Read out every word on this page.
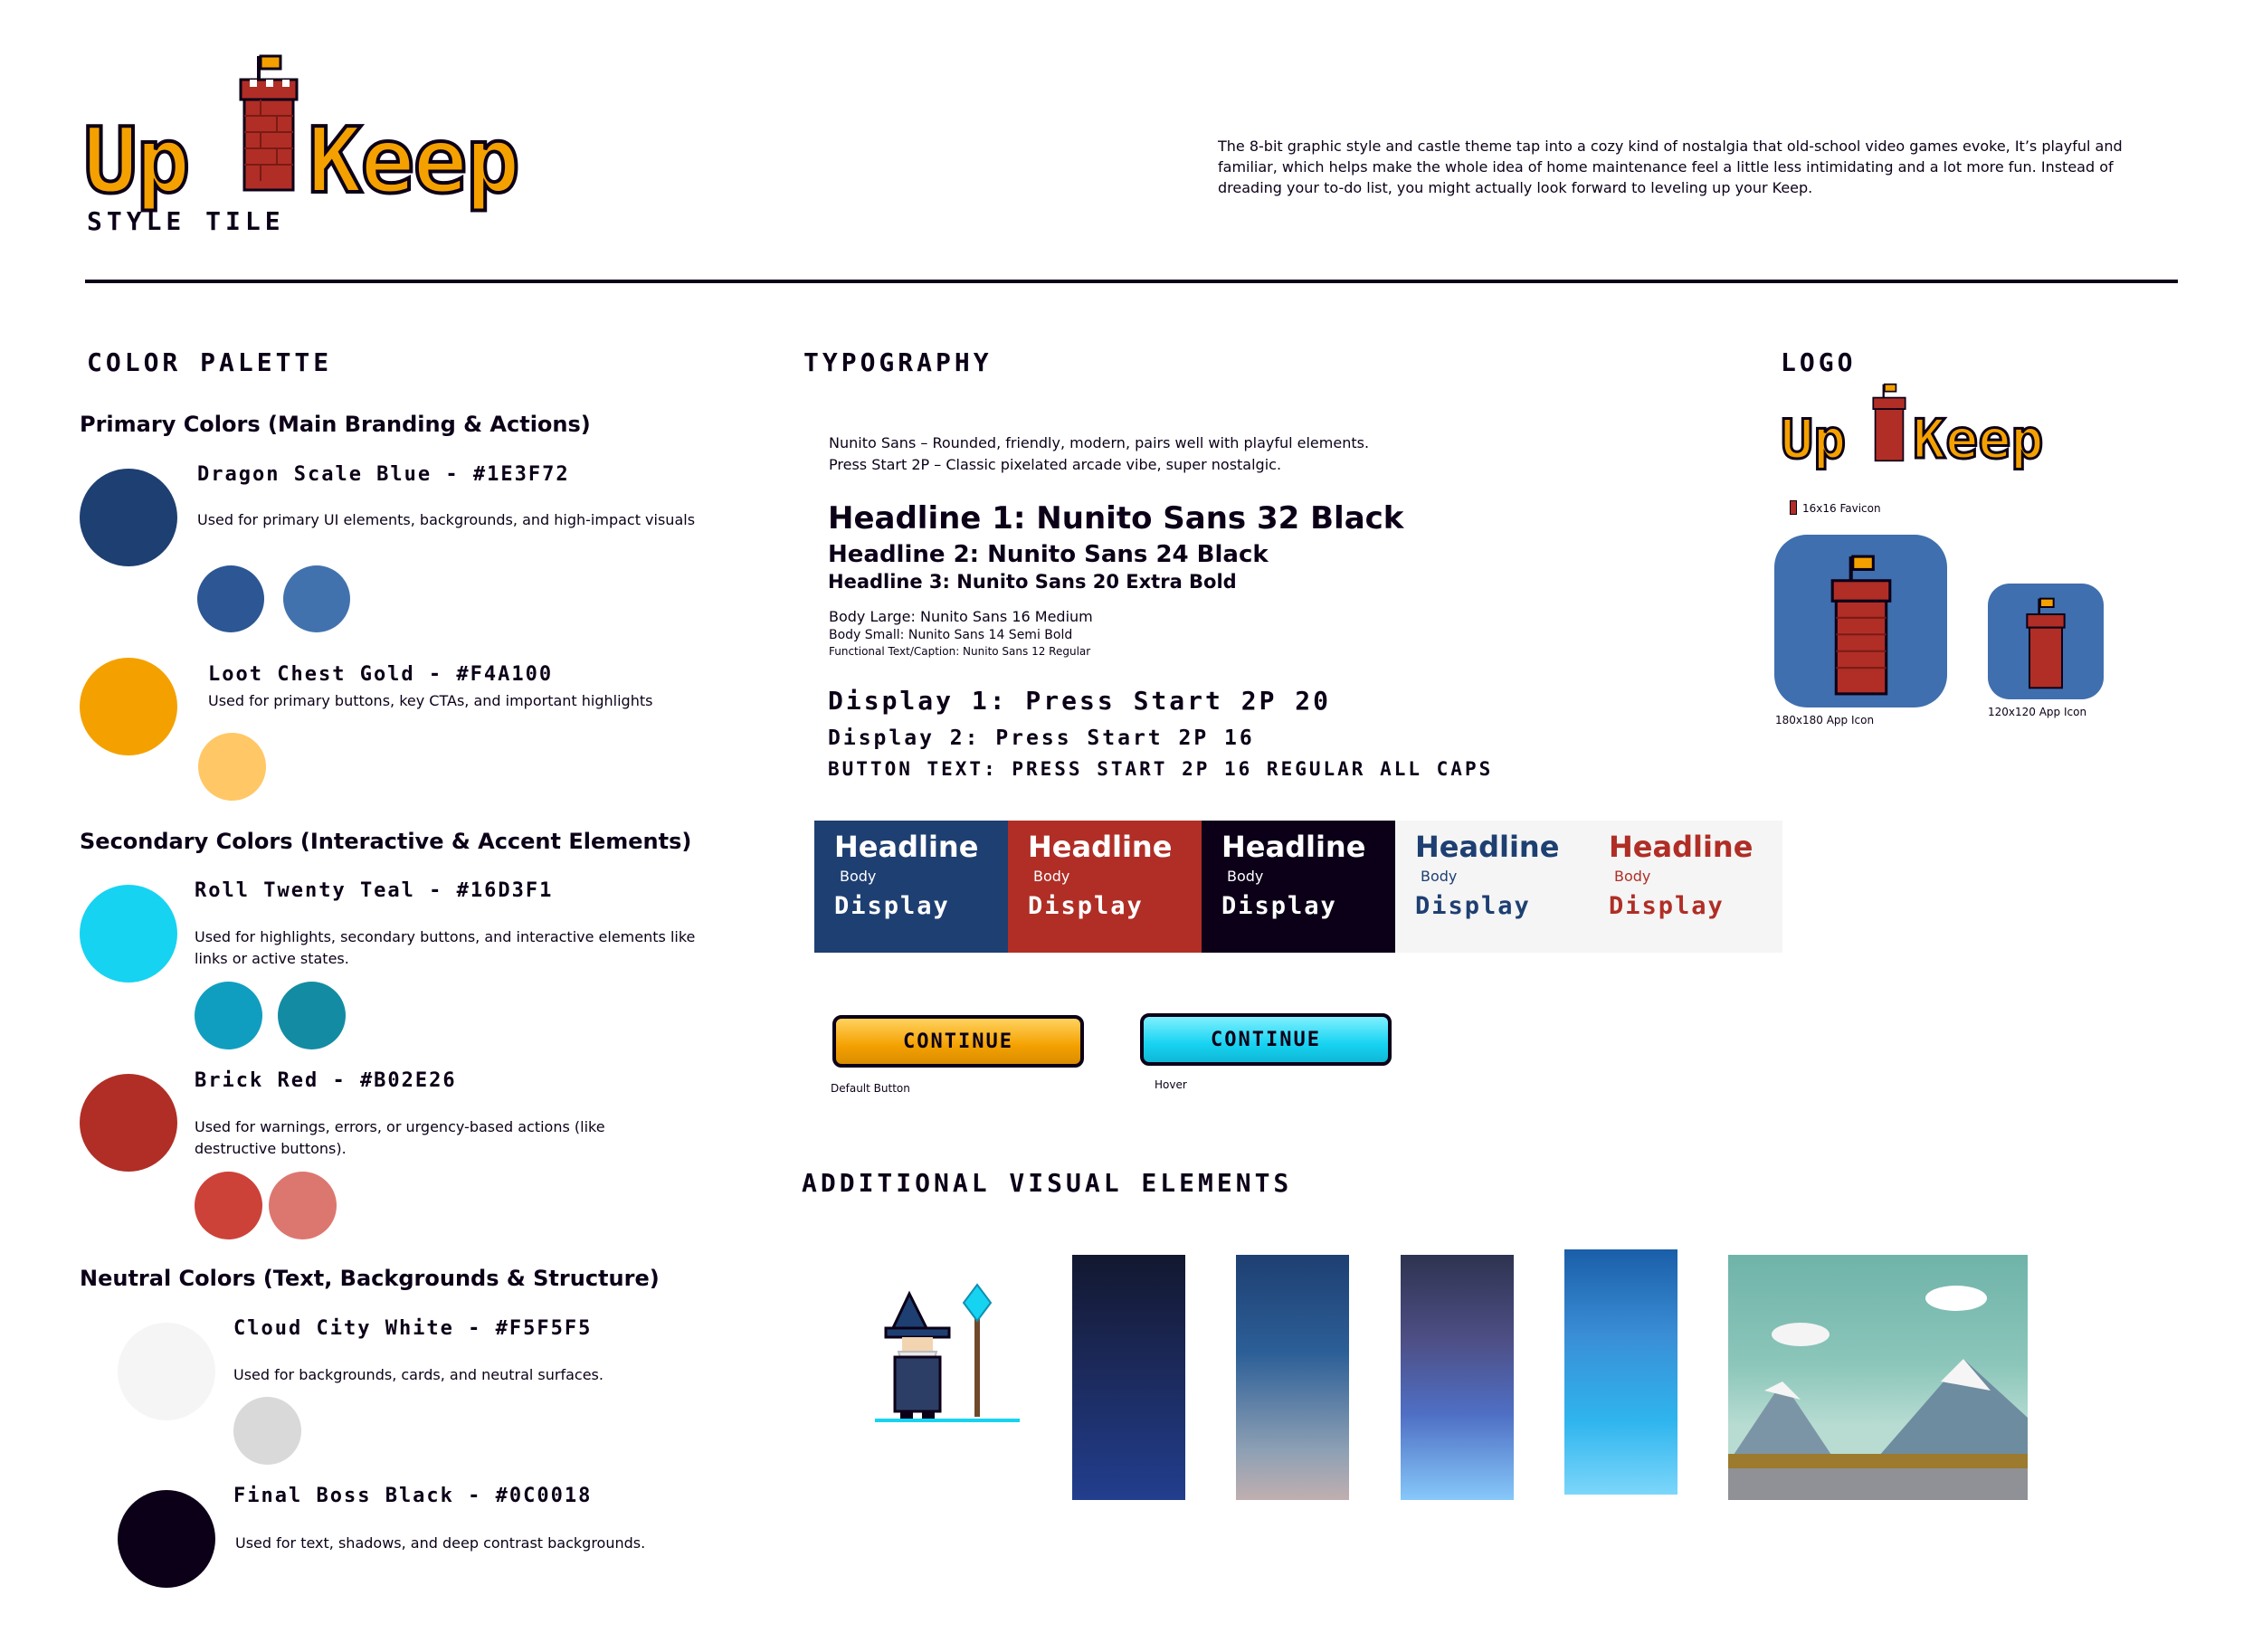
Up Keep
STYLE TILE
The 8-bit graphic style and castle theme tap into a cozy kind of nostalgia that old-school video games evoke, It’s playful and familiar, which helps make the whole idea of home maintenance feel a little less intimidating and a lot more fun. Instead of dreading your to-do list, you might actually look forward to leveling up your Keep.
COLOR PALETTE
Primary Colors (Main Branding & Actions)
Dragon Scale Blue - #1E3F72
Used for primary UI elements, backgrounds, and high-impact visuals
Loot Chest Gold - #F4A100
Used for primary buttons, key CTAs, and important highlights
Secondary Colors (Interactive & Accent Elements)
Roll Twenty Teal - #16D3F1
Used for highlights, secondary buttons, and interactive elements like links or active states.
Brick Red - #B02E26
Used for warnings, errors, or urgency-based actions (like destructive buttons).
Neutral Colors (Text, Backgrounds & Structure)
Cloud City White - #F5F5F5
Used for backgrounds, cards, and neutral surfaces.
Final Boss Black - #0C0018
Used for text, shadows, and deep contrast backgrounds.
TYPOGRAPHY
Nunito Sans – Rounded, friendly, modern, pairs well with playful elements.
Press Start 2P – Classic pixelated arcade vibe, super nostalgic.
Headline 1: Nunito Sans 32 Black
Headline 2: Nunito Sans 24 Black
Headline 3: Nunito Sans 20 Extra Bold
Body Large: Nunito Sans 16 Medium
Body Small: Nunito Sans 14 Semi Bold
Functional Text/Caption: Nunito Sans 12 Regular
Display 1: Press Start 2P 20
Display 2: Press Start 2P 16
BUTTON TEXT: PRESS START 2P 16 REGULAR ALL CAPS
Headline
Body
Display
Headline
Body
Display
Headline
Body
Display
Headline
Body
Display
Headline
Body
Display
CONTINUE
Default Button
CONTINUE
Hover
LOGO
Up Keep
16x16 Favicon
180x180 App Icon
120x120 App Icon
ADDITIONAL VISUAL ELEMENTS
